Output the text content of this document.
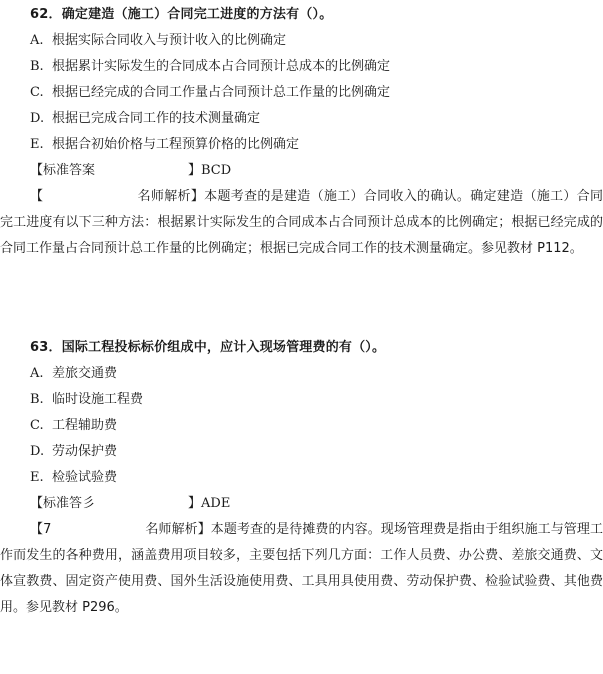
62．确定建造（施工）合同完工进度的方法有（）。
A. 根据实际合同收入与预计收入的比例确定
B. 根据累计实际发生的合同成本占合同预计总成本的比例确定
C. 根据已经完成的合同工作量占合同预计总工作量的比例确定
D. 根据已完成合同工作的技术测量确定
E. 根据合初始价格与工程预算价格的比例确定
【标准答案	】BCD

【	名师解析】本题考查的是建造（施工）合同收入的确认。确定建造（施工）合同完工进度有以下三种方法：根据累计实际发生的合同成本占合同预计总成本的比例确定；根据已经完成的合同工作量占合同预计总工作量的比例确定；根据已完成合同工作的技术测量确定。参见教材 P112。

63．国际工程投标标价组成中，应计入现场管理费的有（）。
A. 差旅交通费
B. 临时设施工程费
C. 工程辅助费
D. 劳动保护费
E. 检验试验费
【标准答彡	】ADE

【7	名师解析】本题考查的是待摊费的内容。现场管理费是指由于组织施工与管理工作而发生的各种费用，涵盖费用项目较多，主要包括下列几方面：工作人员费、办公费、差旅交通费、文体宣教费、固定资产使用费、国外生活设施使用费、工具用具使用费、劳动保护费、检验试验费、其他费用。参见教材 P296。
